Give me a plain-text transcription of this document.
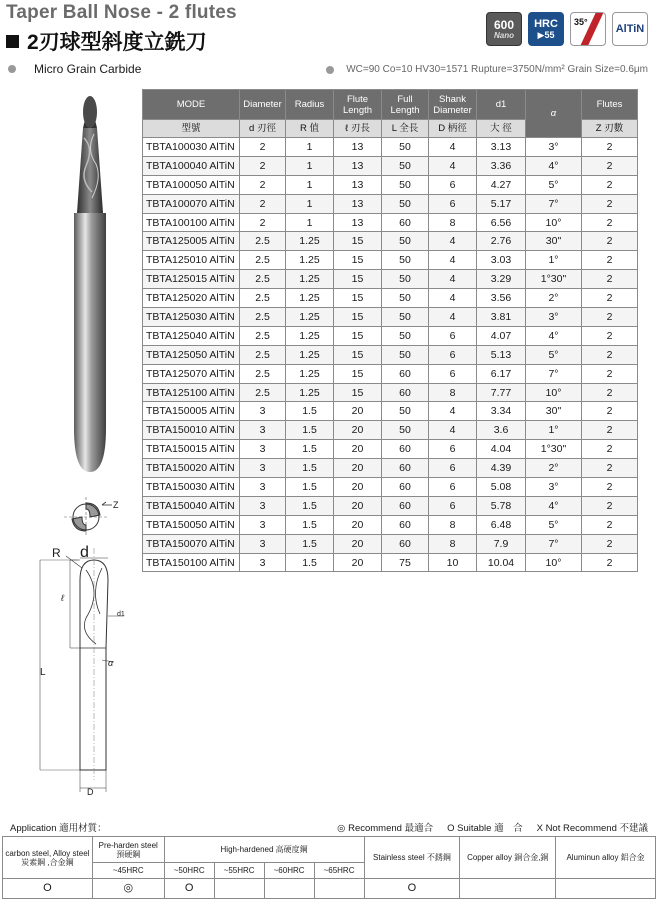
Taper Ball Nose - 2 flutes
2刃球型斜度立銑刀
600
Nano
HRC
▶55
35°
AlTiN
Micro Grain Carbide	WC=90 Co=10 HV30=1571 Rupture=3750N/mm² Grain Size=0.6μm
Z
R d
ℓ
d1
α
L
D
MODE	Diameter	Radius	Flute Length	Full Length	Shank Diameter	d1	α	Flutes
型號	d 刃徑	R 值	ℓ 刃長	L 全長	D 柄徑	大 徑		Z 刃數
TBTA100030 AlTiN	2	1	13	50	4	3.13	3°	2
TBTA100040 AlTiN	2	1	13	50	4	3.36	4°	2
TBTA100050 AlTiN	2	1	13	50	6	4.27	5°	2
TBTA100070 AlTiN	2	1	13	50	6	5.17	7°	2
TBTA100100 AlTiN	2	1	13	60	8	6.56	10°	2
TBTA125005 AlTiN	2.5	1.25	15	50	4	2.76	30"	2
TBTA125010 AlTiN	2.5	1.25	15	50	4	3.03	1°	2
TBTA125015 AlTiN	2.5	1.25	15	50	4	3.29	1°30"	2
TBTA125020 AlTiN	2.5	1.25	15	50	4	3.56	2°	2
TBTA125030 AlTiN	2.5	1.25	15	50	4	3.81	3°	2
TBTA125040 AlTiN	2.5	1.25	15	50	6	4.07	4°	2
TBTA125050 AlTiN	2.5	1.25	15	50	6	5.13	5°	2
TBTA125070 AlTiN	2.5	1.25	15	60	6	6.17	7°	2
TBTA125100 AlTiN	2.5	1.25	15	60	8	7.77	10°	2
TBTA150005 AlTiN	3	1.5	20	50	4	3.34	30"	2
TBTA150010 AlTiN	3	1.5	20	50	4	3.6	1°	2
TBTA150015 AlTiN	3	1.5	20	60	6	4.04	1°30"	2
TBTA150020 AlTiN	3	1.5	20	60	6	4.39	2°	2
TBTA150030 AlTiN	3	1.5	20	60	6	5.08	3°	2
TBTA150040 AlTiN	3	1.5	20	60	6	5.78	4°	2
TBTA150050 AlTiN	3	1.5	20	60	8	6.48	5°	2
TBTA150070 AlTiN	3	1.5	20	60	8	7.9	7°	2
TBTA150100 AlTiN	3	1.5	20	75	10	10.04	10°	2
Application 適用材質：	◎ Recommend 最適合 O Suitable 適　合 X Not Recommend 不建議
carbon steel, Alloy steel 炭素鋼 ,合金鋼	Pre-harden steel 預硬鋼	High-hardened 高硬度鋼				Stainless steel 不銹鋼	Copper alloy 銅合金,銅	Aluminun alloy 鋁合金
	~45HRC	~50HRC	~55HRC	~60HRC	~65HRC			
O	◎	O				O		
